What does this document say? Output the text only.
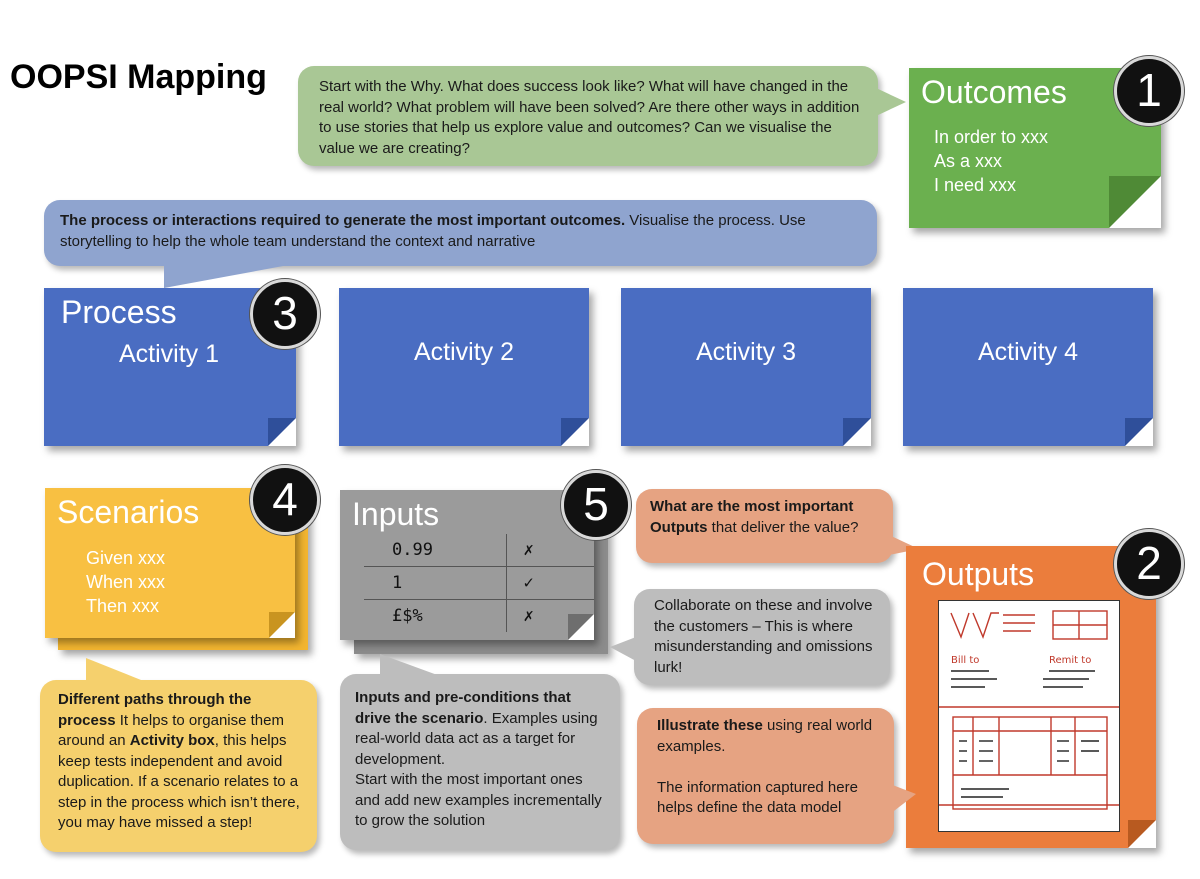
OOPSI Mapping	Start with the Why. What does success look like? What will have changed in the real world? What problem will have been solved? Are there other ways in addition to use stories that help us explore value and outcomes? Can we visualise the value we are creating?
Outcomes
In order to xxx
As a xxx
I need xxx
1
The process or interactions required to generate the most important outcomes. Visualise the process. Use storytelling to help the whole team understand the context and narrative
Process
Activity 1
3
Activity 2	Activity 3	Activity 4
Scenarios
Given xxx
When xxx
Then xxx
4	Inputs
0.99	✗
1	✓
£$%	✗
5	What are the most important
Outputs that deliver the value?
Collaborate on these and involve the customers – This is where misunderstanding and omissions lurk!
Outputs
Bill to	Remit to
2
Different paths through the process It helps to organise them around an Activity box, this helps keep tests independent and avoid duplication. If a scenario relates to a step in the process which isn’t there, you may have missed a step!
Inputs and pre-conditions that drive the scenario. Examples using real-world data act as a target for development.
Start with the most important ones and add new examples incrementally to grow the solution
Illustrate these using real world examples.

The information captured here helps define the data model
